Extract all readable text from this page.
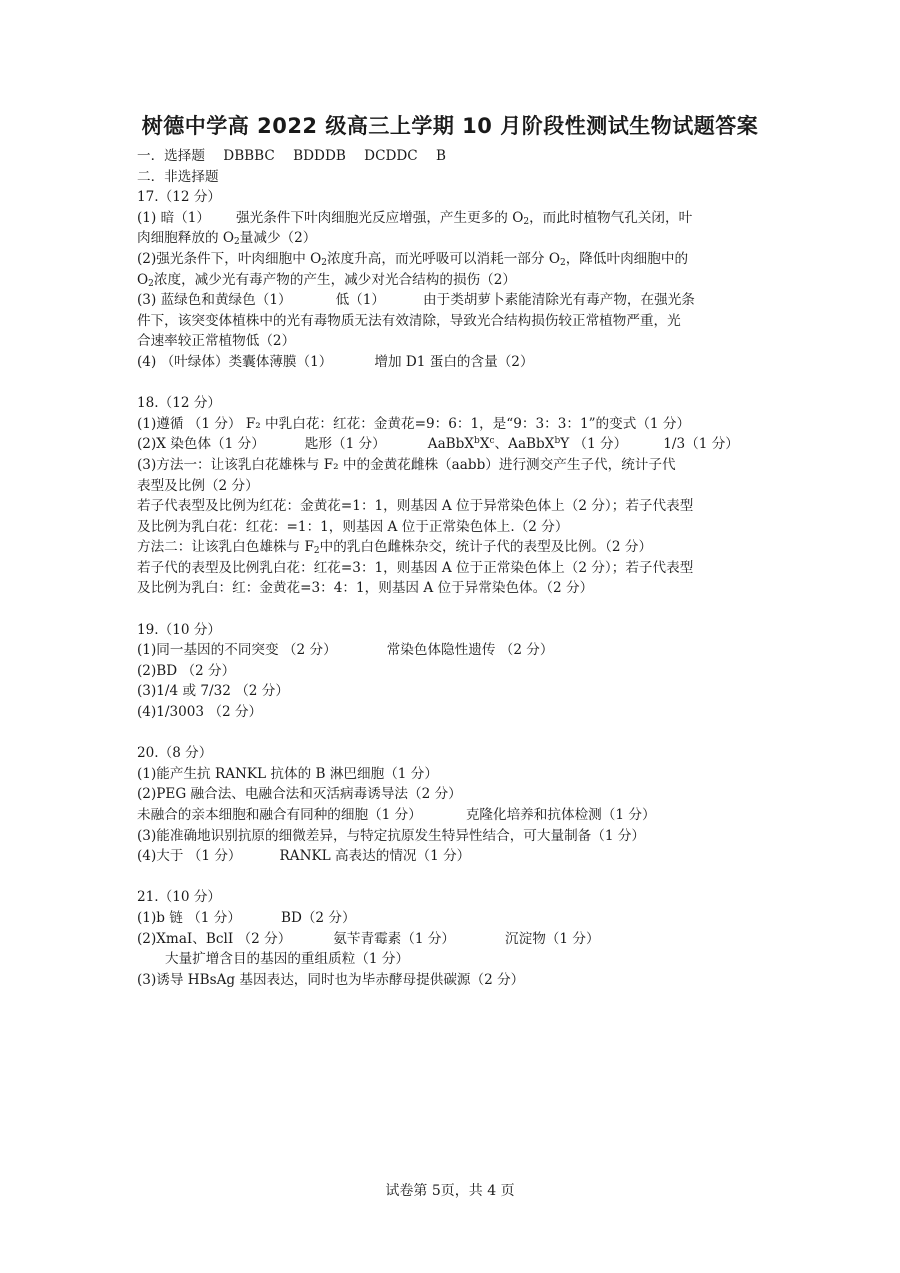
树德中学高 2022 级高三上学期 10 月阶段性测试生物试题答案
一．选择题 DBBBC BDDDB DCDDC B
二．非选择题
17.（12 分）
(1) 暗（1） 强光条件下叶肉细胞光反应增强，产生更多的 $O_2$，而此时植物气孔关闭，叶
肉细胞释放的 $O_2$量减少（2）
(2)强光条件下，叶肉细胞中 $O_2$浓度升高，而光呼吸可以消耗一部分 $O_2$，降低叶肉细胞中的
$O_2$浓度，减少光有毒产物的产生，减少对光合结构的损伤（2）
(3) 蓝绿色和黄绿色（1）	低（1）	由于类胡萝卜素能清除光有毒产物，在强光条
件下，该突变体植株中的光有毒物质无法有效清除，导致光合结构损伤较正常植物严重，光
合速率较正常植物低（2）
(4) （叶绿体）类囊体薄膜（1）	增加 D1 蛋白的含量（2）
18.（12 分）
(1)遵循 （1 分） F₂ 中乳白花：红花：金黄花=9：6：1，是“9：3：3：1”的变式（1 分）
(2)X 染色体（1 分）	匙形（1 分）	$AaBbX^bX^c$、AaBbX$^b$Y （1 分）	1/3（1 分）
(3)方法一：让该乳白花雄株与 F₂ 中的金黄花雌株（aabb）进行测交产生子代，统计子代
表型及比例（2 分）
若子代表型及比例为红花：金黄花=1：1，则基因 A 位于异常染色体上（2 分）；若子代表型
及比例为乳白花：红花：=1：1，则基因 A 位于正常染色体上.（2 分）
方法二：让该乳白色雄株与 $F_2$中的乳白色雌株杂交，统计子代的表型及比例。（2 分）
若子代的表型及比例乳白花：红花=3：1，则基因 A 位于正常染色体上（2 分）；若子代表型
及比例为乳白：红：金黄花=3：4：1，则基因 A 位于异常染色体。（2 分）
19.（10 分）
(1)同一基因的不同突变 （2 分）	常染色体隐性遗传 （2 分）
(2)BD （2 分）
(3)1/4 或 7/32 （2 分）
(4)1/3003 （2 分）
20.（8 分）
(1)能产生抗 RANKL 抗体的 B 淋巴细胞（1 分）
(2)PEG 融合法、电融合法和灭活病毒诱导法（2 分）
未融合的亲本细胞和融合有同种的细胞（1 分）	克隆化培养和抗体检测（1 分）
(3)能准确地识别抗原的细微差异，与特定抗原发生特异性结合，可大量制备（1 分）
(4)大于 （1 分）	RANKL 高表达的情况（1 分）
21.（10 分）
(1)b 链 （1 分）	BD（2 分）
(2)XmaⅠ、BclⅠ （2 分）	氨苄青霉素（1 分）	沉淀物（1 分）
大量扩增含目的基因的重组质粒（1 分）
(3)诱导 HBsAg 基因表达，同时也为毕赤酵母提供碳源（2 分）
试卷第 5页，共 4 页
